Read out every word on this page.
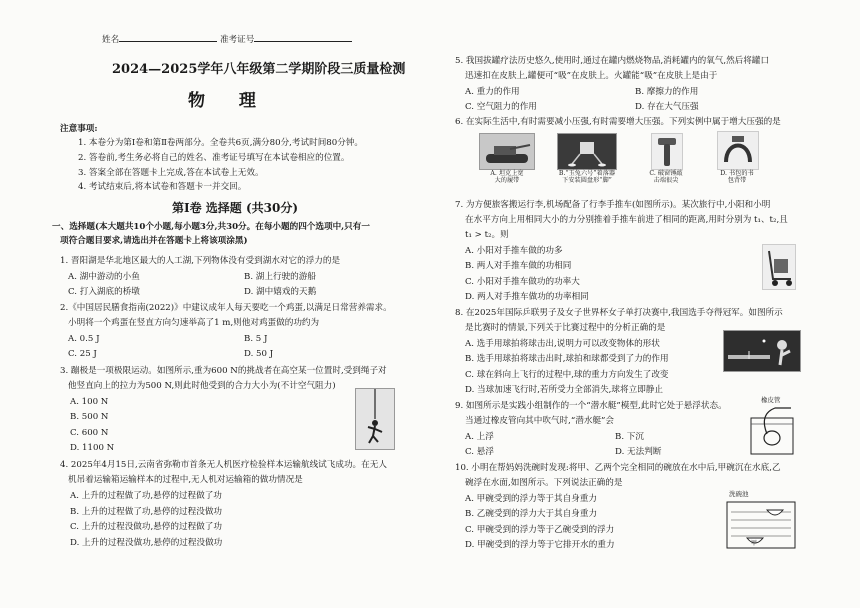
姓名	准考证号
2024—2025学年八年级第二学期阶段三质量检测
物 理
注意事项:
1. 本卷分为第Ⅰ卷和第Ⅱ卷两部分。全卷共6页,满分80分,考试时间80分钟。
2. 答卷前,考生务必将自己的姓名、准考证号填写在本试卷相应的位置。
3. 答案全部在答题卡上完成,答在本试卷上无效。
4. 考试结束后,将本试卷和答题卡一并交回。
第Ⅰ卷 选择题 (共30分)
一、选择题(本大题共10个小题,每小题3分,共30分。在每小题的四个选项中,只有一
项符合题目要求,请选出并在答题卡上将该项涂黑)
1. 晋阳湖是华北地区最大的人工湖,下列物体没有受到湖水对它的浮力的是
A. 湖中游动的小鱼	B. 湖上行驶的游船
C. 打入湖底的桥墩	D. 湖中嬉戏的天鹅
2.《中国居民膳食指南(2022)》中建议成年人每天要吃一个鸡蛋,以满足日常营养需求。
小明将一个鸡蛋在竖直方向匀速举高了1 m,则他对鸡蛋做的功约为
A. 0.5 J	B. 5 J
C. 25 J	D. 50 J
3. 蹦极是一项极限运动。如图所示,重为600 N的挑战者在高空某一位置时,受到绳子对
他竖直向上的拉力为500 N,则此时他受到的合力大小为(不计空气阻力)
A. 100 N
B. 500 N
C. 600 N
D. 1100 N
4. 2025年4月15日,云南省弥勒市首条无人机医疗检验样本运输航线试飞成功。在无人
机吊着运输箱运输样本的过程中,无人机对运输箱的做功情况是
A. 上升的过程做了功,悬停的过程做了功
B. 上升的过程做了功,悬停的过程没做功
C. 上升的过程没做功,悬停的过程做了功
D. 上升的过程没做功,悬停的过程没做功
5. 我国拔罐疗法历史悠久,使用时,通过在罐内燃烧物品,消耗罐内的氧气,然后将罐口
迅速扣在皮肤上,罐便可“吸”在皮肤上。火罐能“吸”在皮肤上是由于
A. 重力的作用	B. 摩擦力的作用
C. 空气阻力的作用	D. 存在大气压强
6. 在实际生活中,有时需要减小压强,有时需要增大压强。下列实例中属于增大压强的是
A. 坦克上宽
大的履带
B.“玉兔六号”着落器
下安装圆盘形“脚”
C. 破窗锤敲
击端很尖
D. 书包的书
包背带
7. 为方便旅客搬运行李,机场配备了行李手推车(如图所示)。某次旅行中,小阳和小明
在水平方向上用相同大小的力分别推着手推车前进了相同的距离,用时分别为 t₁、t₂,且
t₁ > t₂。则
A. 小阳对手推车做的功多
B. 两人对手推车做的功相同
C. 小阳对手推车做功的功率大
D. 两人对手推车做功的功率相同
8. 在2025年国际乒联男子及女子世界杯女子单打决赛中,我国选手夺得冠军。如图所示
是比赛时的情景,下列关于比赛过程中的分析正确的是
A. 选手用球拍将球击出,说明力可以改变物体的形状
B. 选手用球拍将球击出时,球拍和球都受到了力的作用
C. 球在斜向上飞行的过程中,球的重力方向发生了改变
D. 当球加速飞行时,若所受力全部消失,球将立即静止
9. 如图所示是实践小组制作的一个“潜水艇”模型,此时它处于悬浮状态。
当通过橡皮管向其中吹气时,“潜水艇”会
A. 上浮	B. 下沉
C. 悬浮	D. 无法判断
橡皮管
10. 小明在帮妈妈洗碗时发现:将甲、乙两个完全相同的碗放在水中后,甲碗沉在水底,乙
碗浮在水面,如图所示。下列说法正确的是
A. 甲碗受到的浮力等于其自身重力
B. 乙碗受到的浮力大于其自身重力
C. 甲碗受到的浮力等于乙碗受到的浮力
D. 甲碗受到的浮力等于它排开水的重力
洗碗池
甲
